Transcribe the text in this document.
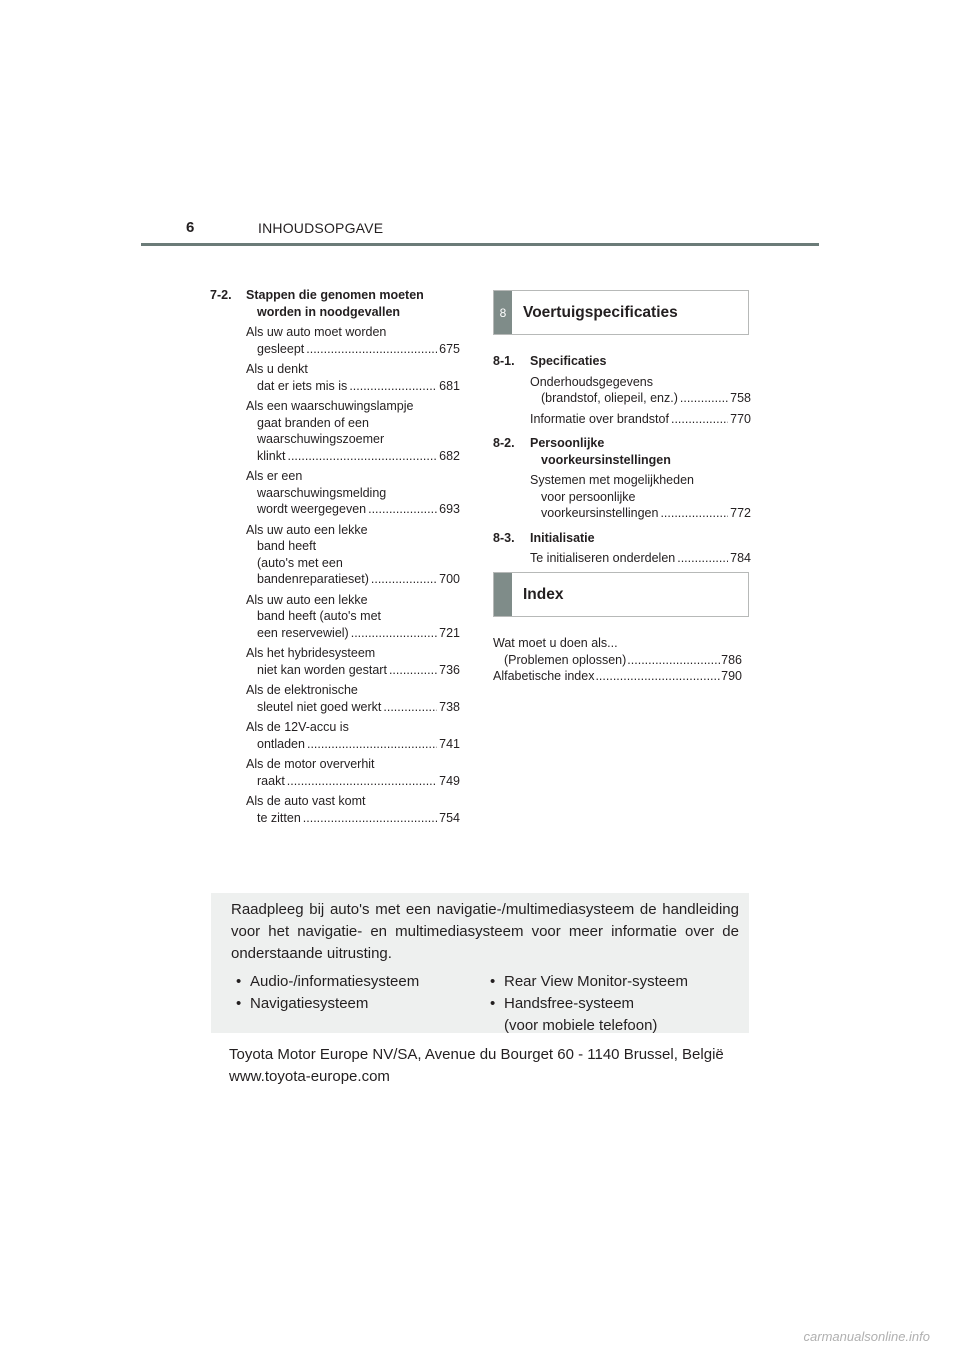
6	INHOUDSOPGAVE
7-2.	Stappen die genomen moeten
worden in noodgevallen
Als uw auto moet worden
gesleept .....	675
Als u denkt
dat er iets mis is .....	681
Als een waarschuwingslampje
gaat branden of een
waarschuwingszoemer
klinkt .....	682
Als er een
waarschuwingsmelding
wordt weergegeven .....	693
Als uw auto een lekke
band heeft
(auto's met een
bandenreparatieset) .....	700
Als uw auto een lekke
band heeft (auto's met
een reservewiel) .....	721
Als het hybridesysteem
niet kan worden gestart .....	736
Als de elektronische
sleutel niet goed werkt .....	738
Als de 12V-accu is
ontladen .....	741
Als de motor oververhit
raakt .....	749
Als de auto vast komt
te zitten .....	754
8	Voertuigspecificaties
8-1.	Specificaties
Onderhoudsgegevens
(brandstof, oliepeil, enz.) .....	758
Informatie over brandstof .....	770
8-2.	Persoonlijke
voorkeursinstellingen
Systemen met mogelijkheden
voor persoonlijke
voorkeursinstellingen .....	772
8-3.	Initialisatie
Te initialiseren onderdelen .....	784
Index
Wat moet u doen als...
(Problemen oplossen) .....	786
Alfabetische index .....	790

Raadpleeg bij auto's met een navigatie-/multimediasysteem de handleiding voor het navigatie- en multimediasysteem voor meer informatie over de onderstaande uitrusting.

• Audio-/informatiesysteem
• Navigatiesysteem
• Rear View Monitor-systeem
• Handsfree-systeem
(voor mobiele telefoon)
Toyota Motor Europe NV/SA, Avenue du Bourget 60 - 1140 Brussel, België
www.toyota-europe.com
carmanualsonline.info
